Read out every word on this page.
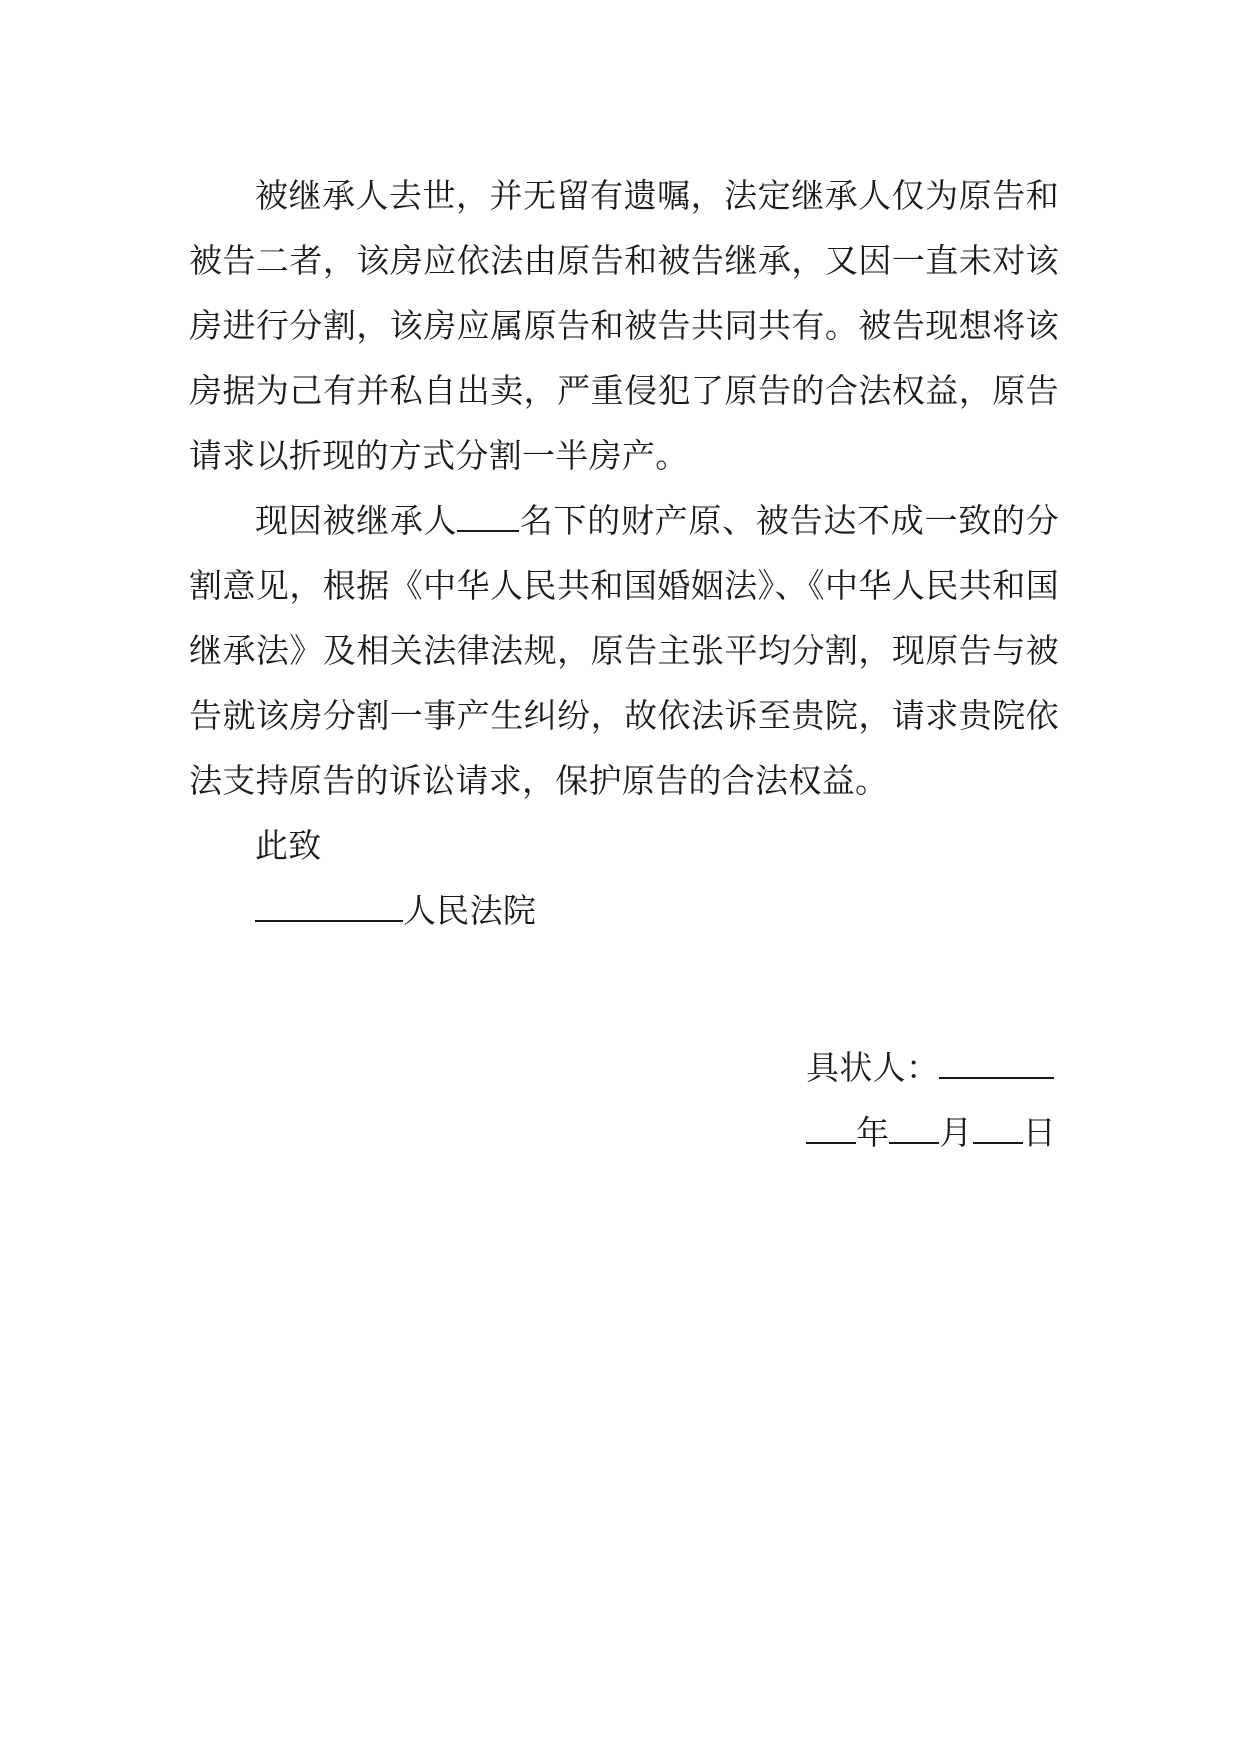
被继承人去世，并无留有遗嘱，法定继承人仅为原告和被告二者，该房应依法由原告和被告继承，又因一直未对该房进行分割，该房应属原告和被告共同共有。被告现想将该房据为己有并私自出卖，严重侵犯了原告的合法权益，原告请求以折现的方式分割一半房产。

现因被继承人 名下的财产原、被告达不成一致的分割意见，根据《中华人民共和国婚姻法》、《中华人民共和国继承法》及相关法律法规，原告主张平均分割，现原告与被告就该房分割一事产生纠纷，故依法诉至贵院，请求贵院依法支持原告的诉讼请求，保护原告的合法权益。

此致

人民法院

具状人：

年 月 日
